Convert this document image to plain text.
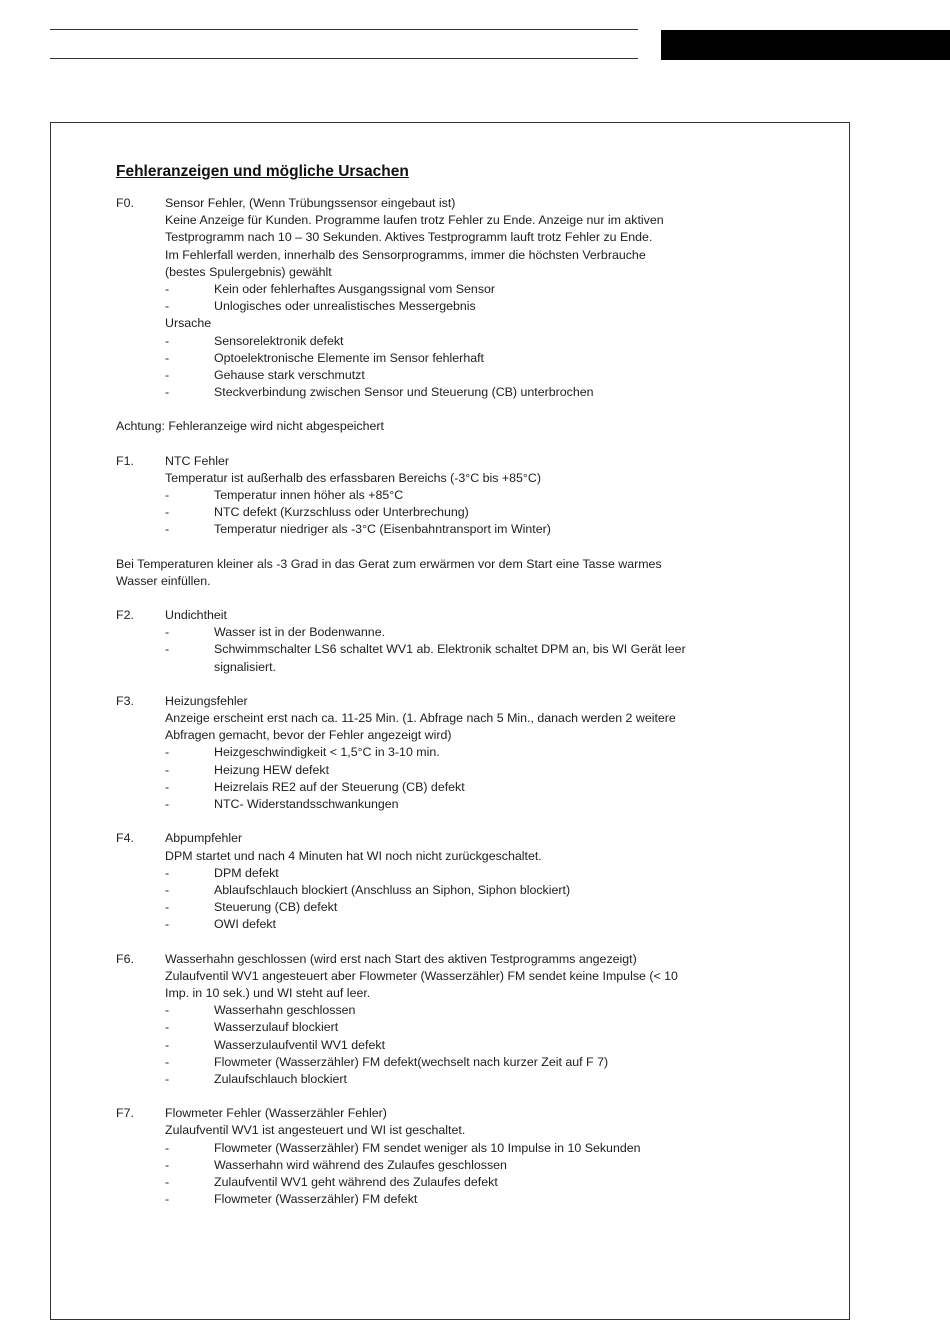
Fehleranzeigen und mögliche Ursachen
F0.	Sensor Fehler, (Wenn Trübungssensor eingebaut ist)
Keine Anzeige für Kunden. Programme laufen trotz Fehler zu Ende. Anzeige nur im aktiven
Testprogramm nach 10 – 30 Sekunden. Aktives Testprogramm lauft trotz Fehler zu Ende.
Im Fehlerfall werden, innerhalb des Sensorprogramms, immer die höchsten Verbrauche
(bestes Spulergebnis) gewählt
-	Kein oder fehlerhaftes Ausgangssignal vom Sensor
-	Unlogisches oder unrealistisches Messergebnis
Ursache
-	Sensorelektronik defekt
-	Optoelektronische Elemente im Sensor fehlerhaft
-	Gehause stark verschmutzt
-	Steckverbindung zwischen Sensor und Steuerung (CB) unterbrochen
Achtung: Fehleranzeige wird nicht abgespeichert
F1.	NTC Fehler
Temperatur ist außerhalb des erfassbaren Bereichs (-3°C bis +85°C)
-	Temperatur innen höher als +85°C
-	NTC defekt (Kurzschluss oder Unterbrechung)
-	Temperatur niedriger als -3°C (Eisenbahntransport im Winter)
Bei Temperaturen kleiner als -3 Grad in das Gerat zum erwärmen vor dem Start eine Tasse warmes
Wasser einfüllen.
F2.	Undichtheit
-	Wasser ist in der Bodenwanne.
-	Schwimmschalter LS6 schaltet WV1 ab. Elektronik schaltet DPM an, bis WI Gerät leer
signalisiert.
F3.	Heizungsfehler
Anzeige erscheint erst nach ca. 11-25 Min. (1. Abfrage nach 5 Min., danach werden 2 weitere
Abfragen gemacht, bevor der Fehler angezeigt wird)
-	Heizgeschwindigkeit < 1,5°C in 3-10 min.
-	Heizung HEW defekt
-	Heizrelais RE2 auf der Steuerung (CB) defekt
-	NTC- Widerstandsschwankungen
F4.	Abpumpfehler
DPM startet und nach 4 Minuten hat WI noch nicht zurückgeschaltet.
-	DPM defekt
-	Ablaufschlauch blockiert (Anschluss an Siphon, Siphon blockiert)
-	Steuerung (CB) defekt
-	OWI defekt
F6.	Wasserhahn geschlossen (wird erst nach Start des aktiven Testprogramms angezeigt)
Zulaufventil WV1 angesteuert aber Flowmeter (Wasserzähler) FM sendet keine Impulse (< 10
Imp. in 10 sek.) und WI steht auf leer.
-	Wasserhahn geschlossen
-	Wasserzulauf blockiert
-	Wasserzulaufventil WV1 defekt
-	Flowmeter (Wasserzähler) FM defekt(wechselt nach kurzer Zeit auf F 7)
-	Zulaufschlauch blockiert
F7.	Flowmeter Fehler (Wasserzähler Fehler)
Zulaufventil WV1 ist angesteuert und WI ist geschaltet.
-	Flowmeter (Wasserzähler) FM sendet weniger als 10 Impulse in 10 Sekunden
-	Wasserhahn wird während des Zulaufes geschlossen
-	Zulaufventil WV1 geht während des Zulaufes defekt
-	Flowmeter (Wasserzähler) FM defekt
